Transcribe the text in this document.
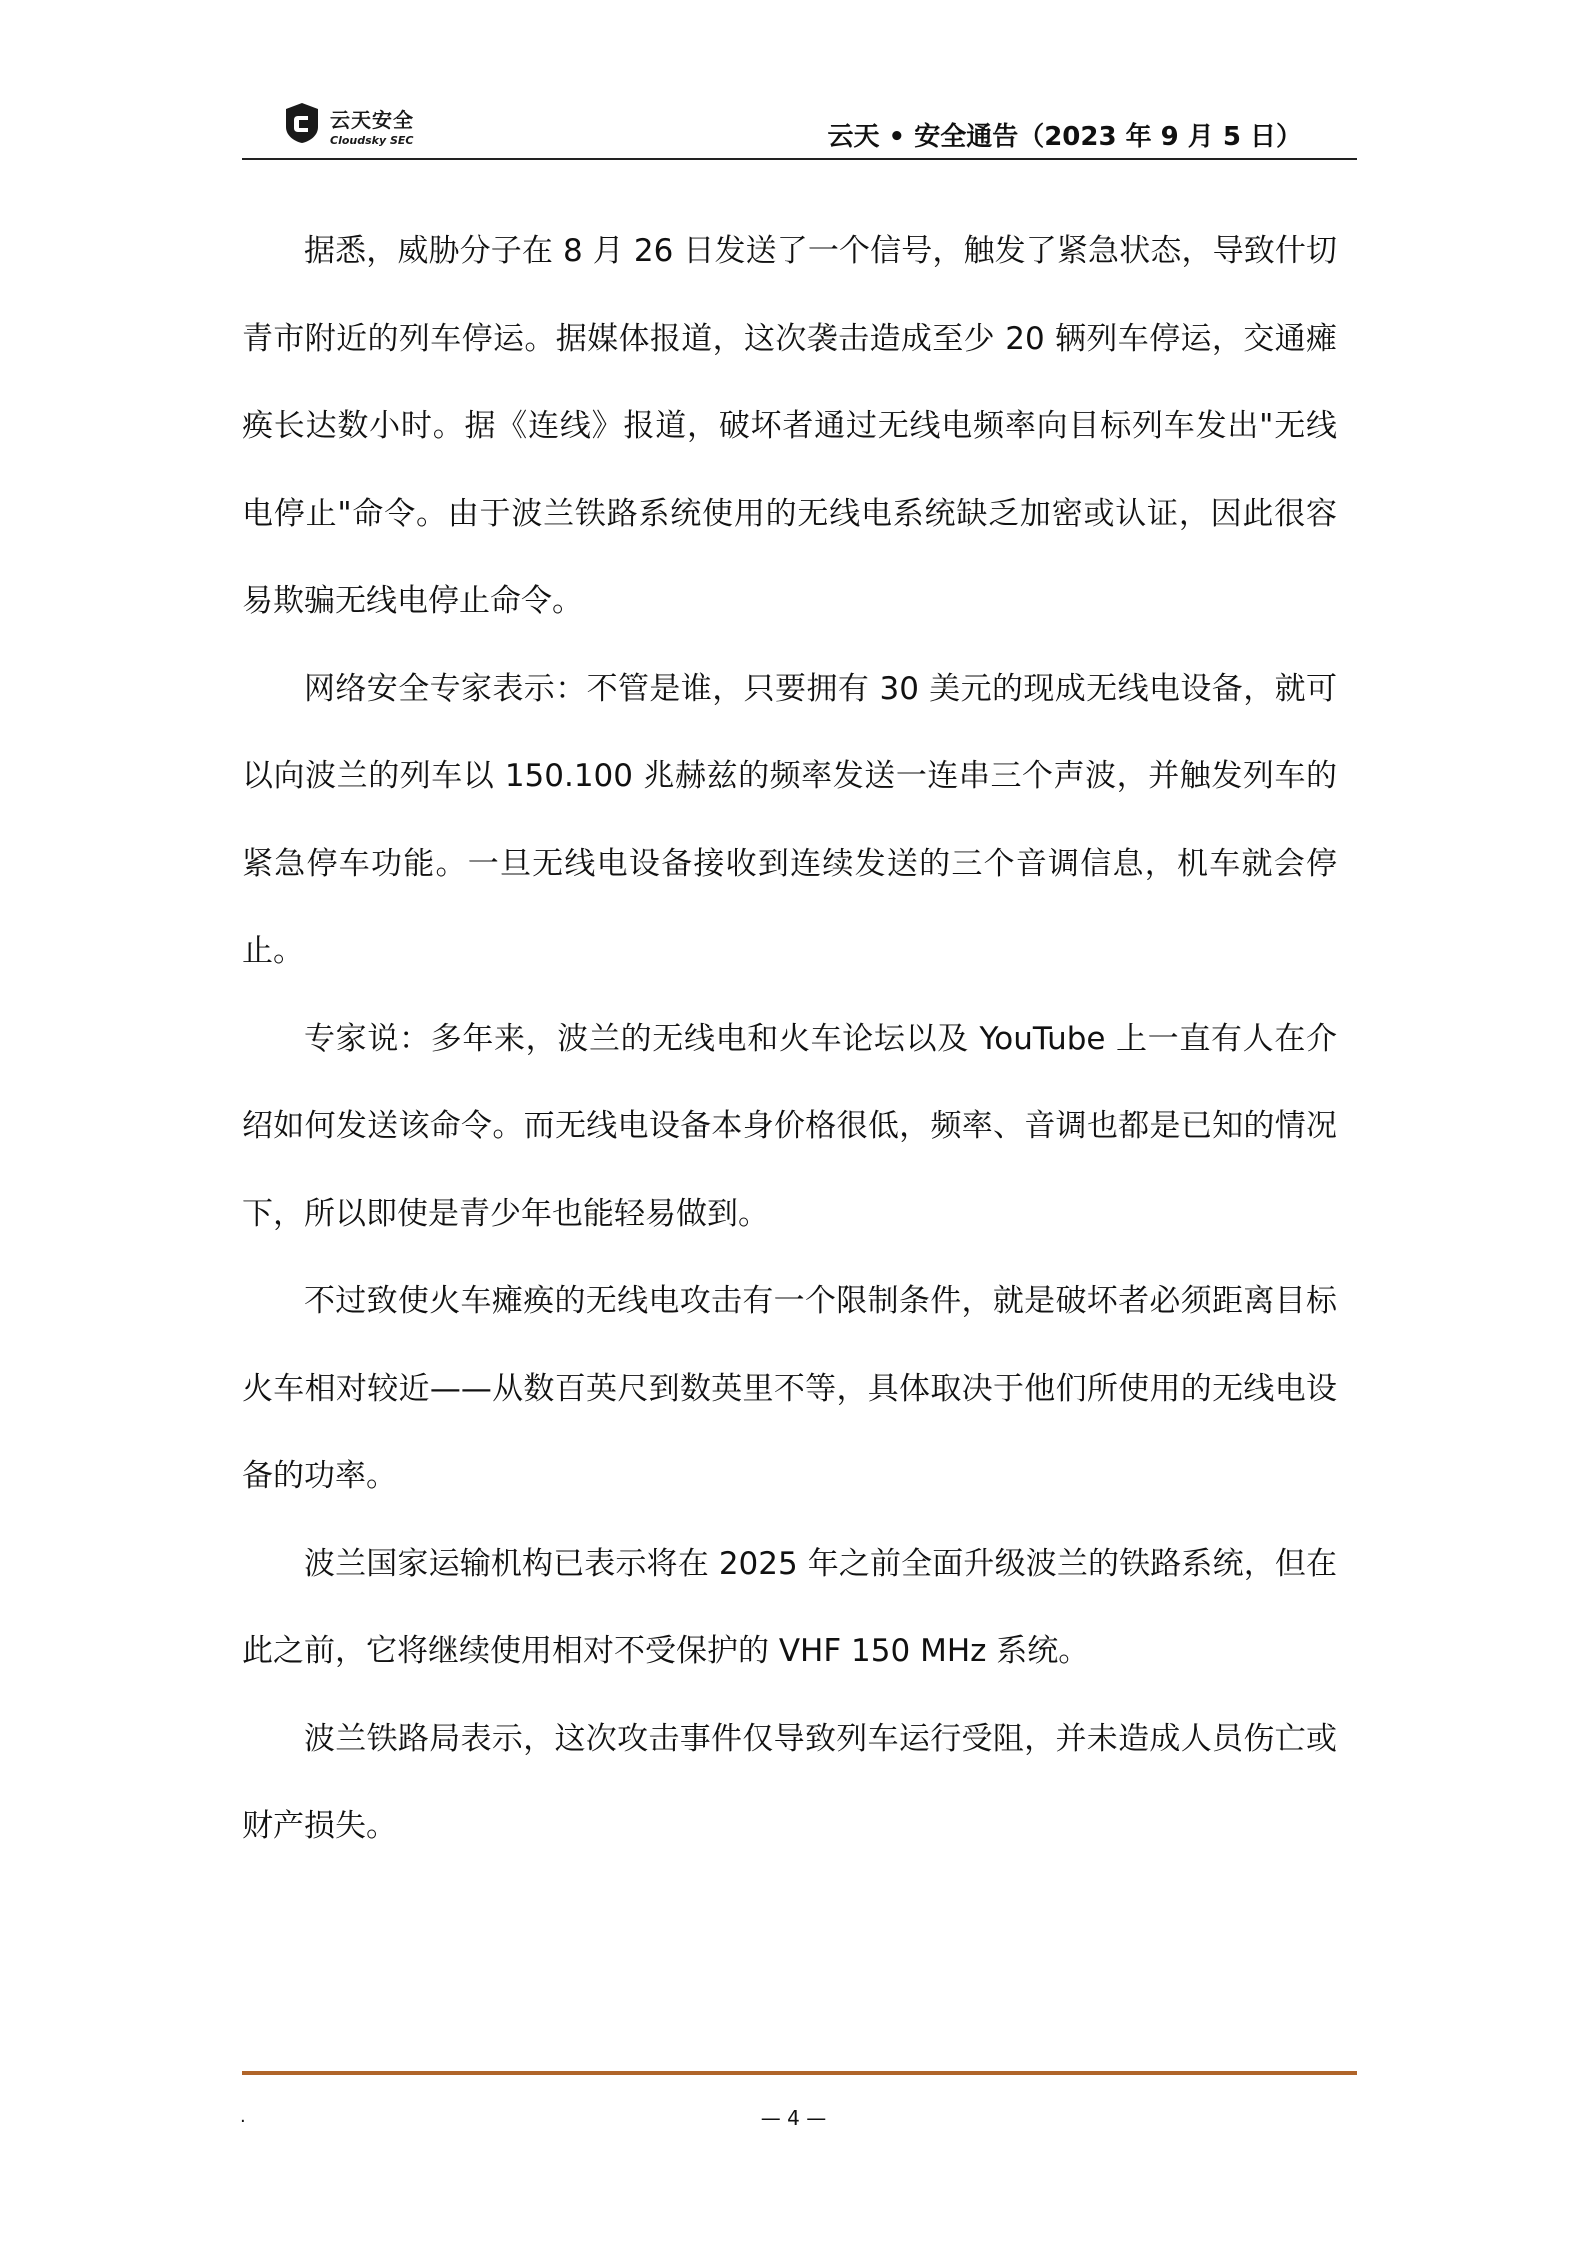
云天安全
Cloudsky SEC	云天 • 安全通告（2023 年 9 月 5 日）

据悉，威胁分子在 8 月 26 日发送了一个信号，触发了紧急状态，导致什切青市附近的列车停运。据媒体报道，这次袭击造成至少 20 辆列车停运，交通瘫痪长达数小时。据《连线》报道，破坏者通过无线电频率向目标列车发出"无线电停止"命令。由于波兰铁路系统使用的无线电系统缺乏加密或认证，因此很容易欺骗无线电停止命令。

网络安全专家表示：不管是谁，只要拥有 30 美元的现成无线电设备，就可以向波兰的列车以 150.100 兆赫兹的频率发送一连串三个声波，并触发列车的紧急停车功能。一旦无线电设备接收到连续发送的三个音调信息，机车就会停止。

专家说：多年来，波兰的无线电和火车论坛以及 YouTube 上一直有人在介绍如何发送该命令。而无线电设备本身价格很低，频率、音调也都是已知的情况下，所以即使是青少年也能轻易做到。

不过致使火车瘫痪的无线电攻击有一个限制条件，就是破坏者必须距离目标火车相对较近——从数百英尺到数英里不等，具体取决于他们所使用的无线电设备的功率。

波兰国家运输机构已表示将在 2025 年之前全面升级波兰的铁路系统，但在此之前，它将继续使用相对不受保护的 VHF 150 MHz 系统。

波兰铁路局表示，这次攻击事件仅导致列车运行受阻，并未造成人员伤亡或财产损失。

.	— 4 —
